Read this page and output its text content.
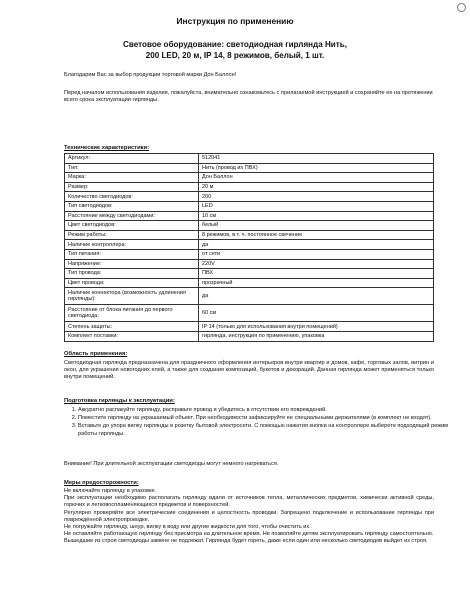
Инструкция по применению
Световое оборудование: светодиодная гирлянда Нить,
200 LED, 20 м, IP 14, 8 режимов, белый, 1 шт.
Благодарим Вас за выбор продукции торговой марки Дон Баллон!
Перед началом использования изделия, пожалуйста, внимательно ознакомьтесь с прилагаемой инструкцией и сохраняйте ее на протяжении всего срока эксплуатации гирлянды.
Технические характеристики:
Артикул:	512041
Тип:	Нить (провод их ПВХ)
Марка:	Дон Баллон
Размер:	20 м
Количество светодиодов:	200
Тип светодиодов:	LED
Расстояние между светодиодами:	10 см
Цвет светодиодов:	белый
Режим работы:	8 режимов, в т. ч. постоянное свечение
Наличие контроллера:	да
Тип питания:	от сети
Напряжение:	220V
Тип провода:	ПВХ
Цвет провода:	прозрачный
Наличие коннектора (возможность удлинения гирлянды):	да
Расстояние от блока питания до первого светодиода:	60 см
Степень защиты:	IP 14 (только для использования внутри помещений)
Комплект поставки:	гирлянда, инструкция по применению, упаковка
Область применения:
Светодиодная гирлянда предназначена для праздничного оформления интерьеров внутри квартир и домов, кафе, торговых залов, витрин и окон, для украшения новогодних елей, а также для создания композиций, букетов и декораций. Данная гирлянда может применяться только внутри помещений.
Подготовка гирлянды к эксплуатации:
1. Аккуратно распакуйте гирлянду, расправьте провод и убедитесь в отсутствии его повреждений.
2. Поместите гирлянду на украшаемый объект. При необходимости зафиксируйте ее специальными держателями (в комплект не входят).
3. Вставьте до упора вилку гирлянды в розетку бытовой электросети. С помощью нажатия кнопки на контроллере выберете подходящий режим работы гирлянды.
Внимание! При длительной эксплуатации светодиоды могут немного нагреваться.
Меры предосторожности:
Не включайте гирлянду в упаковке.
При эксплуатации необходимо располагать гирлянду вдали от источников тепла, металлических предметов, химически активной среды, горючих и легковоспламеняющихся предметов и поверхностей.
Регулярно проверяйте все электрические соединения и целостность проводки. Запрещено подключение и использование гирлянды при повреждённой электропроводке.
Не погружайте гирлянду, шнур, вилку в воду или другие жидкости для того, чтобы очистить их.
Не оставляйте работающую гирлянду без присмотра на длительное время. Не позволяйте детям эксплуатировать гирлянду самостоятельно.
Вышедшие из строя светодиоды замене не подлежат. Гирлянда будет гореть, даже если один или несколько светодиодов выйдет из строя.
